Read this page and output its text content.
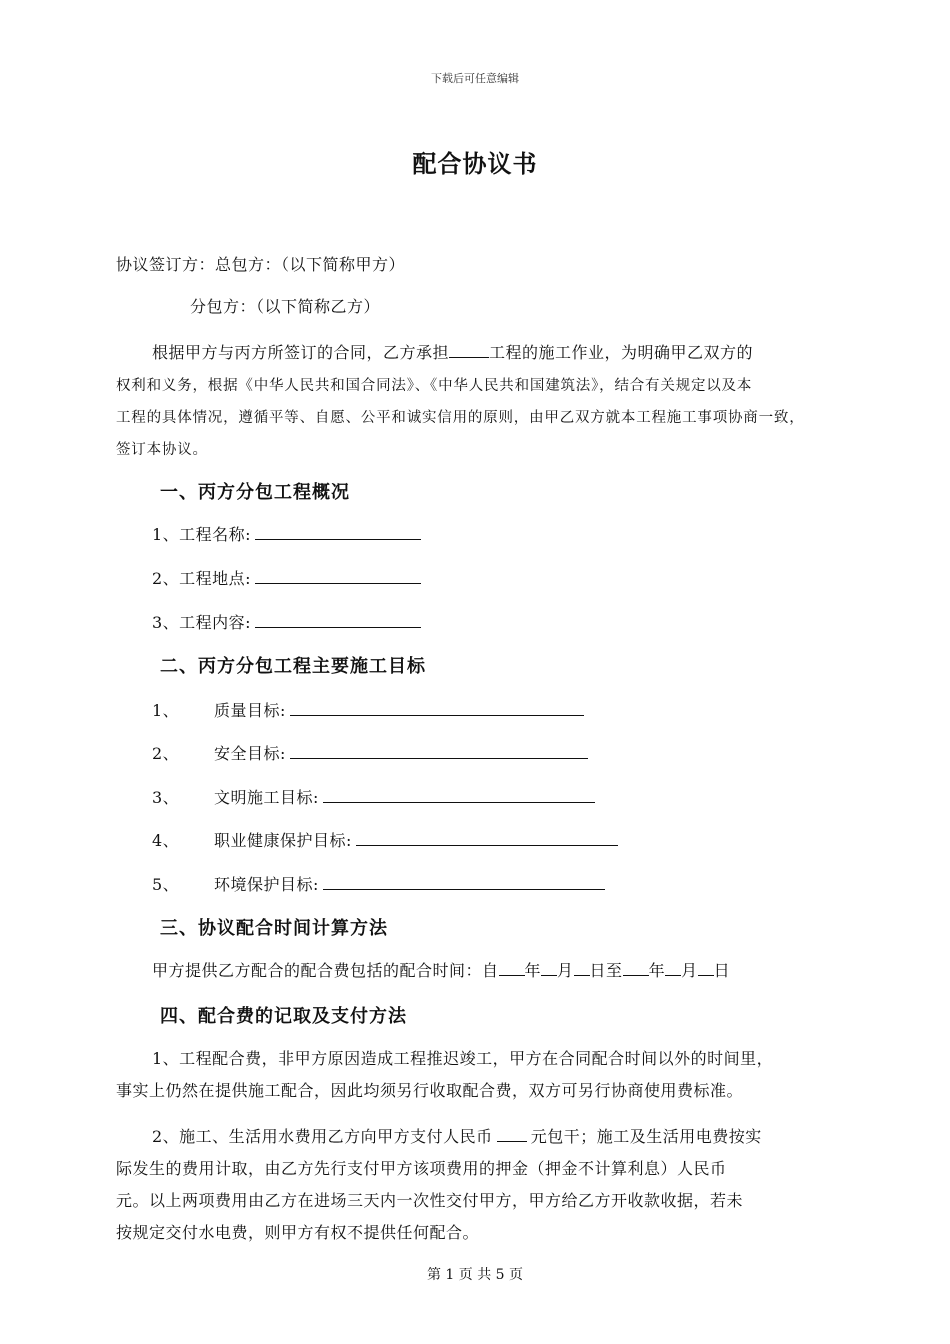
下载后可任意编辑
配合协议书
协议签订方：总包方：（以下简称甲方）
分包方：（以下简称乙方）
根据甲方与丙方所签订的合同，乙方承担	工程的施工作业，为明确甲乙双方的
权利和义务，根据《中华人民共和国合同法》、《中华人民共和国建筑法》，结合有关规定以及本
工程的具体情况，遵循平等、自愿、公平和诚实信用的原则，由甲乙双方就本工程施工事项协商一致，
签订本协议。
一、丙方分包工程概况
1、工程名称:
2、工程地点:
3、工程内容:
二、丙方分包工程主要施工目标
1、 质量目标:
2、 安全目标:
3、 文明施工目标:
4、 职业健康保护目标:
5、 环境保护目标:
三、协议配合时间计算方法
甲方提供乙方配合的配合费包括的配合时间：自 年 月 日至 年 月 日
四、配合费的记取及支付方法
1、工程配合费，非甲方原因造成工程推迟竣工，甲方在合同配合时间以外的时间里，
事实上仍然在提供施工配合，因此均须另行收取配合费，双方可另行协商使用费标准。
2、施工、生活用水费用乙方向甲方支付人民币 元包干；施工及生活用电费按实
际发生的费用计取，由乙方先行支付甲方该项费用的押金（押金不计算利息）人民币
元。以上两项费用由乙方在进场三天内一次性交付甲方，甲方给乙方开收款收据，若未
按规定交付水电费，则甲方有权不提供任何配合。
第 1 页 共 5 页
